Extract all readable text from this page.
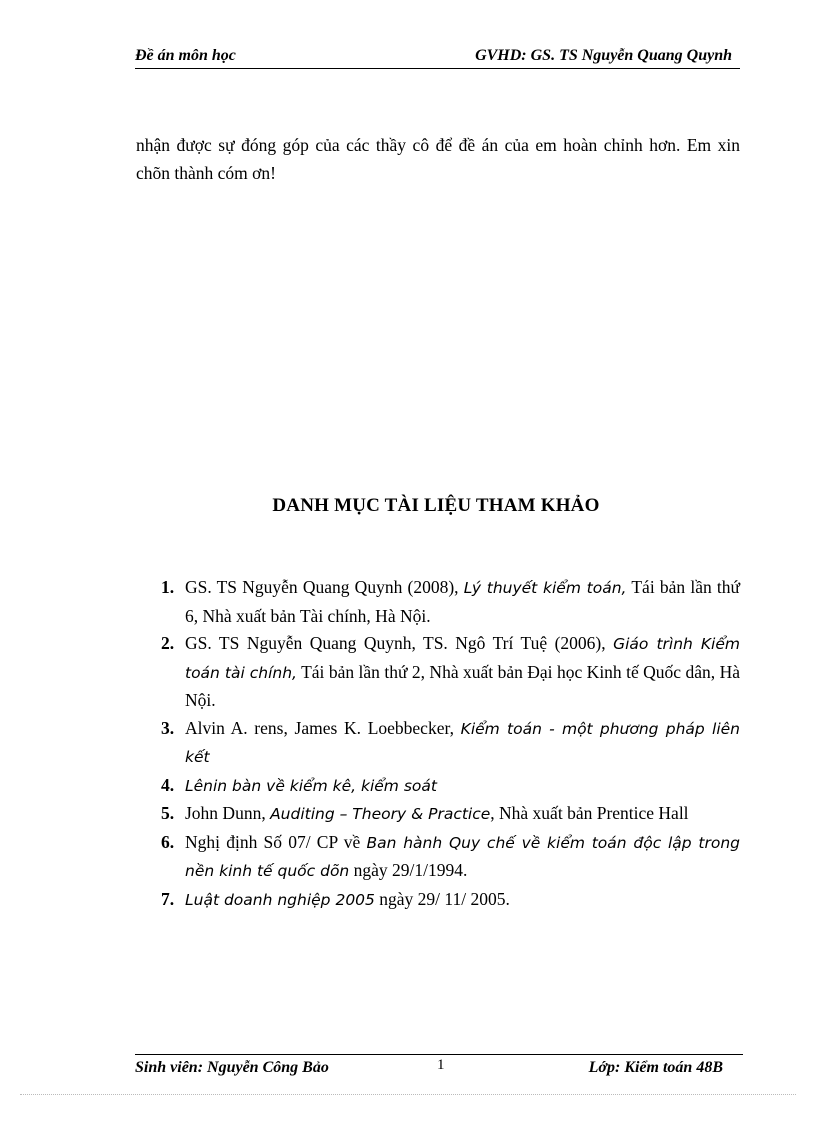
Đề án môn học	GVHD: GS. TS Nguyễn Quang Quynh

nhận được sự đóng góp của các thầy cô để đề án của em hoàn chỉnh hơn. Em xin chõn thành cóm ơn!

DANH MỤC TÀI LIỆU THAM KHẢO
1. GS. TS Nguyễn Quang Quynh (2008), Lý thuyết kiểm toán, Tái bản lần thứ 6, Nhà xuất bản Tài chính, Hà Nội.
2. GS. TS Nguyễn Quang Quynh, TS. Ngô Trí Tuệ (2006), Giáo trình Kiểm toán tài chính, Tái bản lần thứ 2, Nhà xuất bản Đại học Kinh tế Quốc dân, Hà Nội.
3. Alvin A. rens, James K. Loebbecker, Kiểm toán - một phương pháp liên kết
4. Lênin bàn về kiểm kê, kiểm soát
5. John Dunn, Auditing – Theory & Practice, Nhà xuất bản Prentice Hall
6. Nghị định Số 07/ CP về Ban hành Quy chế về kiểm toán độc lập trong nền kinh tế quốc dõn ngày 29/1/1994.
7. Luật doanh nghiệp 2005 ngày 29/ 11/ 2005.
Sinh viên: Nguyễn Công Bảo	1	Lớp: Kiểm toán 48B
